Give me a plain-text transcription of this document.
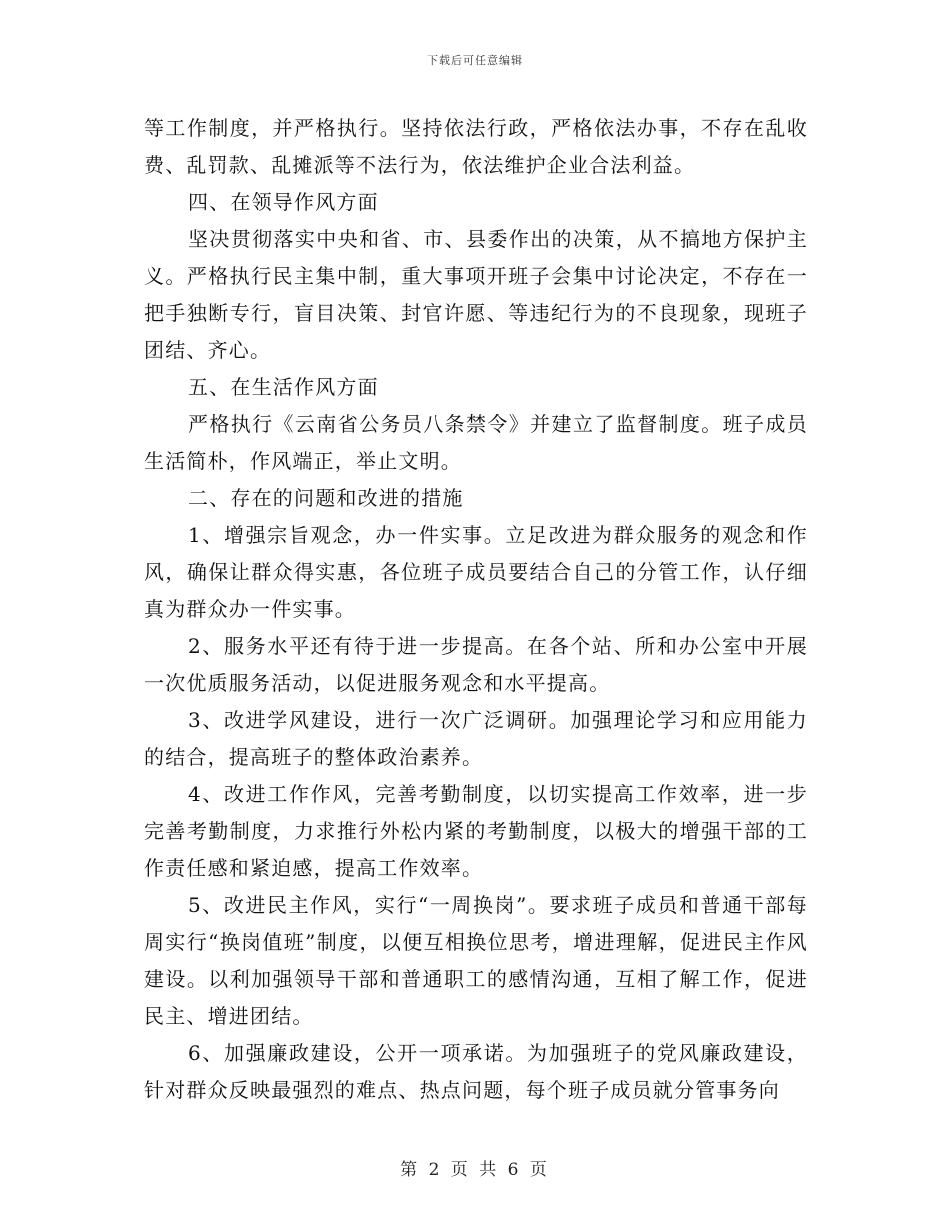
下载后可任意编辑

等工作制度，并严格执行。坚持依法行政，严格依法办事，不存在乱收费、乱罚款、乱摊派等不法行为，依法维护企业合法利益。

四、在领导作风方面

坚决贯彻落实中央和省、市、县委作出的决策，从不搞地方保护主义。严格执行民主集中制，重大事项开班子会集中讨论决定，不存在一把手独断专行，盲目决策、封官许愿、等违纪行为的不良现象，现班子团结、齐心。

五、在生活作风方面

严格执行《云南省公务员八条禁令》并建立了监督制度。班子成员生活简朴，作风端正，举止文明。

二、存在的问题和改进的措施

1、增强宗旨观念，办一件实事。立足改进为群众服务的观念和作风，确保让群众得实惠，各位班子成员要结合自己的分管工作，认仔细真为群众办一件实事。

2、服务水平还有待于进一步提高。在各个站、所和办公室中开展一次优质服务活动，以促进服务观念和水平提高。

3、改进学风建设，进行一次广泛调研。加强理论学习和应用能力的结合，提高班子的整体政治素养。

4、改进工作作风，完善考勤制度，以切实提高工作效率，进一步完善考勤制度，力求推行外松内紧的考勤制度，以极大的增强干部的工作责任感和紧迫感，提高工作效率。

5、改进民主作风，实行“一周换岗”。要求班子成员和普通干部每周实行“换岗值班”制度，以便互相换位思考，增进理解，促进民主作风建设。以利加强领导干部和普通职工的感情沟通，互相了解工作，促进民主、增进团结。

6、加强廉政建设，公开一项承诺。为加强班子的党风廉政建设，针对群众反映最强烈的难点、热点问题，每个班子成员就分管事务向

第 2 页 共 6 页
